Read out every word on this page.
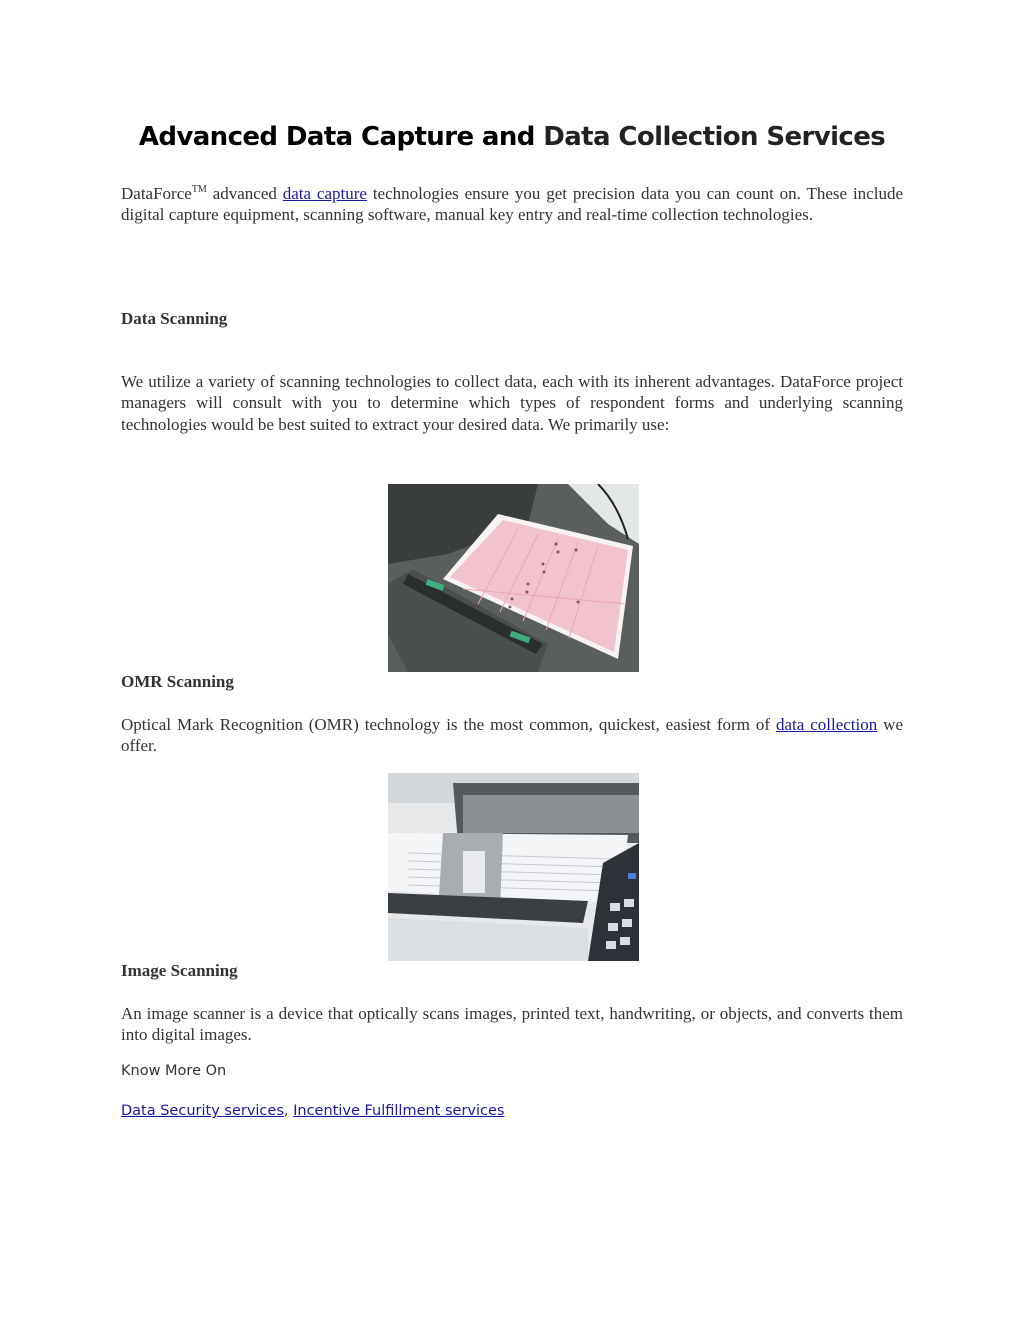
Advanced Data Capture and Data Collection Services

DataForce™ advanced data capture technologies ensure you get precision data you can count on. These include digital capture equipment, scanning software, manual key entry and real-time collection technologies.

Data Scanning

We utilize a variety of scanning technologies to collect data, each with its inherent advantages. DataForce project managers will consult with you to determine which types of respondent forms and underlying scanning technologies would be best suited to extract your desired data. We primarily use:

OMR Scanning

Optical Mark Recognition (OMR) technology is the most common, quickest, easiest form of data collection we offer.

Image Scanning

An image scanner is a device that optically scans images, printed text, handwriting, or objects, and converts them into digital images.

Know More On
Data Security services, Incentive Fulfillment services
